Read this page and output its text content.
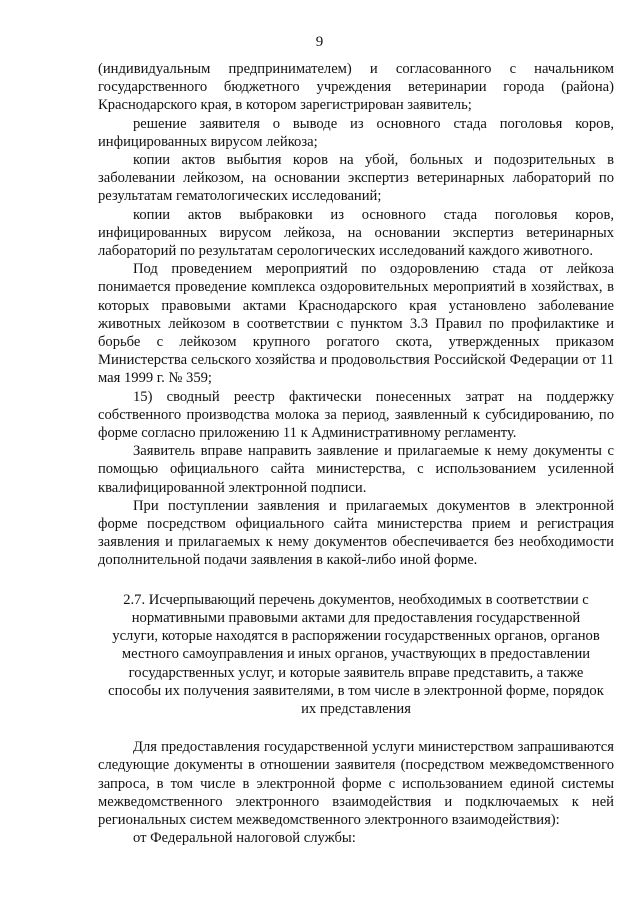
9

(индивидуальным предпринимателем) и согласованного с начальником государственного бюджетного учреждения ветеринарии города (района) Краснодарского края, в котором зарегистрирован заявитель;

решение заявителя о выводе из основного стада поголовья коров, инфицированных вирусом лейкоза;

копии актов выбытия коров на убой, больных и подозрительных в заболевании лейкозом, на основании экспертиз ветеринарных лабораторий по результатам гематологических исследований;

копии актов выбраковки из основного стада поголовья коров, инфицированных вирусом лейкоза, на основании экспертиз ветеринарных лабораторий по результатам серологических исследований каждого животного.

Под проведением мероприятий по оздоровлению стада от лейкоза понимается проведение комплекса оздоровительных мероприятий в хозяйствах, в которых правовыми актами Краснодарского края установлено заболевание животных лейкозом в соответствии с пунктом 3.3 Правил по профилактике и борьбе с лейкозом крупного рогатого скота, утвержденных приказом Министерства сельского хозяйства и продовольствия Российской Федерации от 11 мая 1999 г. № 359;

15) сводный реестр фактически понесенных затрат на поддержку собственного производства молока за период, заявленный к субсидированию, по форме согласно приложению 11 к Административному регламенту.

Заявитель вправе направить заявление и прилагаемые к нему документы с помощью официального сайта министерства, с использованием усиленной квалифицированной электронной подписи.

При поступлении заявления и прилагаемых документов в электронной форме посредством официального сайта министерства прием и регистрация заявления и прилагаемых к нему документов обеспечивается без необходимости дополнительной подачи заявления в какой-либо иной форме.

2.7. Исчерпывающий перечень документов, необходимых в соответствии с нормативными правовыми актами для предоставления государственной услуги, которые находятся в распоряжении государственных органов, органов местного самоуправления и иных органов, участвующих в предоставлении государственных услуг, и которые заявитель вправе представить, а также способы их получения заявителями, в том числе в электронной форме, порядок их представления

Для предоставления государственной услуги министерством запрашиваются следующие документы в отношении заявителя (посредством межведомственного запроса, в том числе в электронной форме с использованием единой системы межведомственного электронного взаимодействия и подключаемых к ней региональных систем межведомственного электронного взаимодействия):

от Федеральной налоговой службы:
